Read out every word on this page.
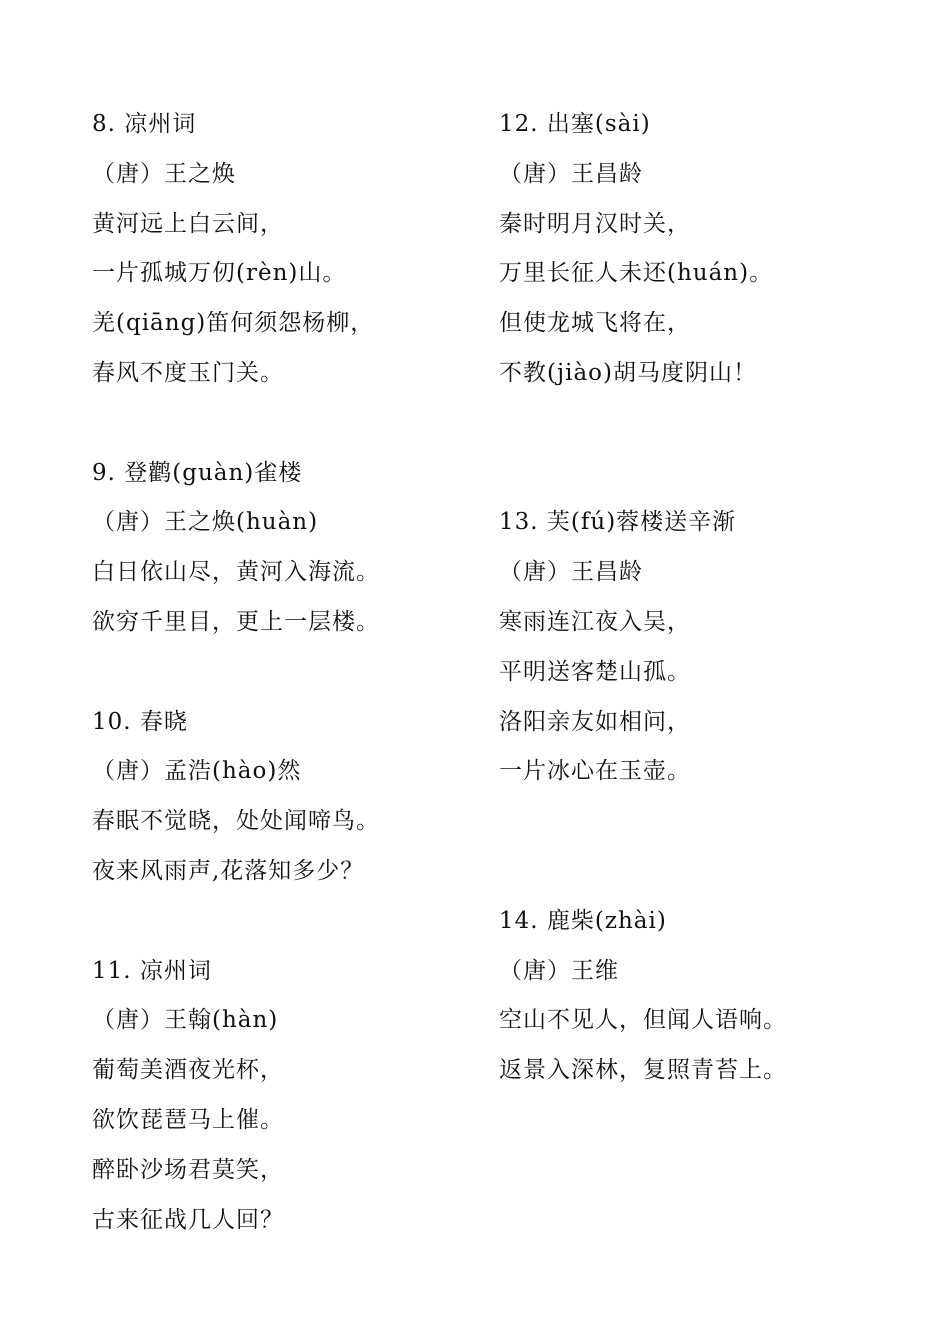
8. 凉州词
（唐）王之焕
黄河远上白云间，
一片孤城万仞(rèn)山。
羌(qiāng)笛何须怨杨柳，
春风不度玉门关。
9. 登鹳(guàn)雀楼
（唐）王之焕(huàn)
白日依山尽，黄河入海流。
欲穷千里目，更上一层楼。
10. 春晓
（唐）孟浩(hào)然
春眠不觉晓，处处闻啼鸟。
夜来风雨声,花落知多少？
11. 凉州词
（唐）王翰(hàn)
葡萄美酒夜光杯，
欲饮琵琶马上催。
醉卧沙场君莫笑，
古来征战几人回？
12. 出塞(sài)
（唐）王昌龄
秦时明月汉时关，
万里长征人未还(huán)。
但使龙城飞将在，
不教(jiào)胡马度阴山！
13. 芙(fú)蓉楼送辛渐
（唐）王昌龄
寒雨连江夜入吴，
平明送客楚山孤。
洛阳亲友如相问，
一片冰心在玉壶。
14. 鹿柴(zhài)
（唐）王维
空山不见人，但闻人语响。
返景入深林，复照青苔上。
